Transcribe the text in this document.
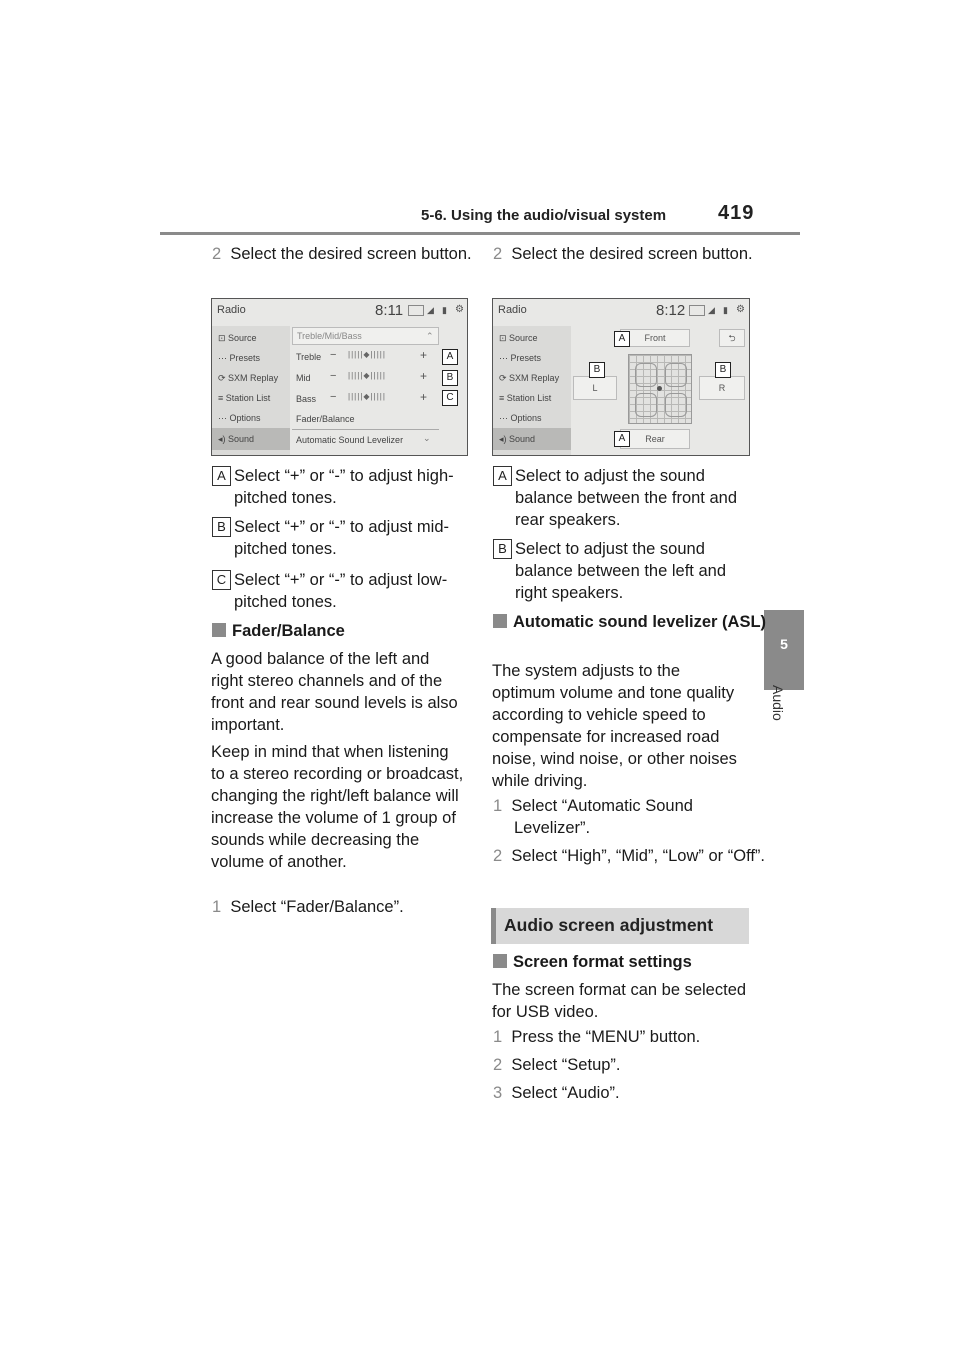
5-6. Using the audio/visual system	419
5
Audio
2 Select the desired screen button.
Radio	8:11	◢ ▮ ⚙
⊡ Source
⋯ Presets
⟳ SXM Replay
≡ Station List
··· Options
◂) Sound
Treble/Mid/Bass	⌃
Treble − |||||◆|||||	+
Mid − |||||◆|||||	+
Bass − |||||◆|||||	+
Fader/Balance
Automatic Sound Levelizer ⌄
A
B
C
A Select “+” or “-” to adjust high-pitched tones.
B Select “+” or “-” to adjust mid-pitched tones.
C Select “+” or “-” to adjust low-pitched tones.
Fader/Balance
A good balance of the left and right stereo channels and of the front and rear sound levels is also important.
Keep in mind that when listening to a stereo recording or broadcast, changing the right/left balance will increase the volume of 1 group of sounds while decreasing the volume of another.
1 Select “Fader/Balance”.
2 Select the desired screen button.
Radio	8:12	◢ ▮ ⚙
⊡ Source
⋯ Presets
⟳ SXM Replay
≡ Station List
··· Options
◂) Sound
Front	⮌
L	R
Rear
A
B	B
A
A Select to adjust the sound balance between the front and rear speakers.
B Select to adjust the sound balance between the left and right speakers.
Automatic sound levelizer (ASL)
The system adjusts to the optimum volume and tone quality according to vehicle speed to compensate for increased road noise, wind noise, or other noises while driving.
1 Select “Automatic Sound Levelizer”.
2 Select “High”, “Mid”, “Low” or “Off”.
Audio screen adjustment
Screen format settings
The screen format can be selected for USB video.
1 Press the “MENU” button.
2 Select “Setup”.
3 Select “Audio”.
